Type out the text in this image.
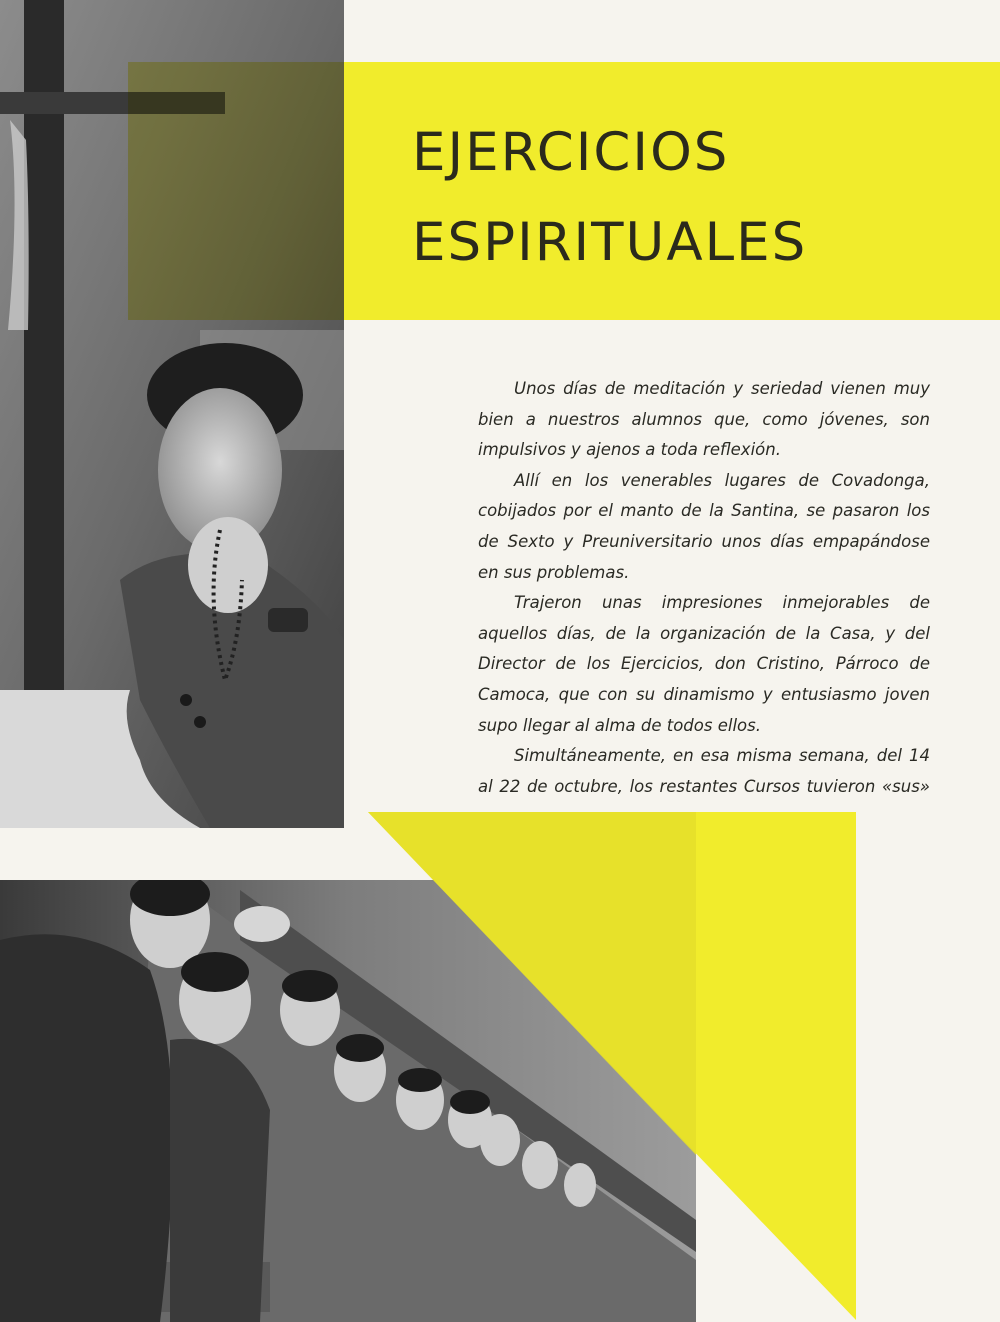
EJERCICIOS
ESPIRITUALES

Unos días de meditación y seriedad vienen muy bien a nuestros alumnos que, como jóvenes, son impulsivos y ajenos a toda reflexión.

Allí en los venerables lugares de Covadonga, cobijados por el manto de la Santina, se pasaron los de Sexto y Preuniversitario unos días empapándose en sus problemas.

Trajeron unas impresiones inmejorables de aquellos días, de la organización de la Casa, y del Director de los Ejercicios, don Cristino, Párroco de Camoca, que con su dinamismo y entusiasmo joven supo llegar al alma de todos ellos.

Simultáneamente, en esa misma semana, del 14 al 22 de octubre, los restantes Cursos tuvieron «sus»
